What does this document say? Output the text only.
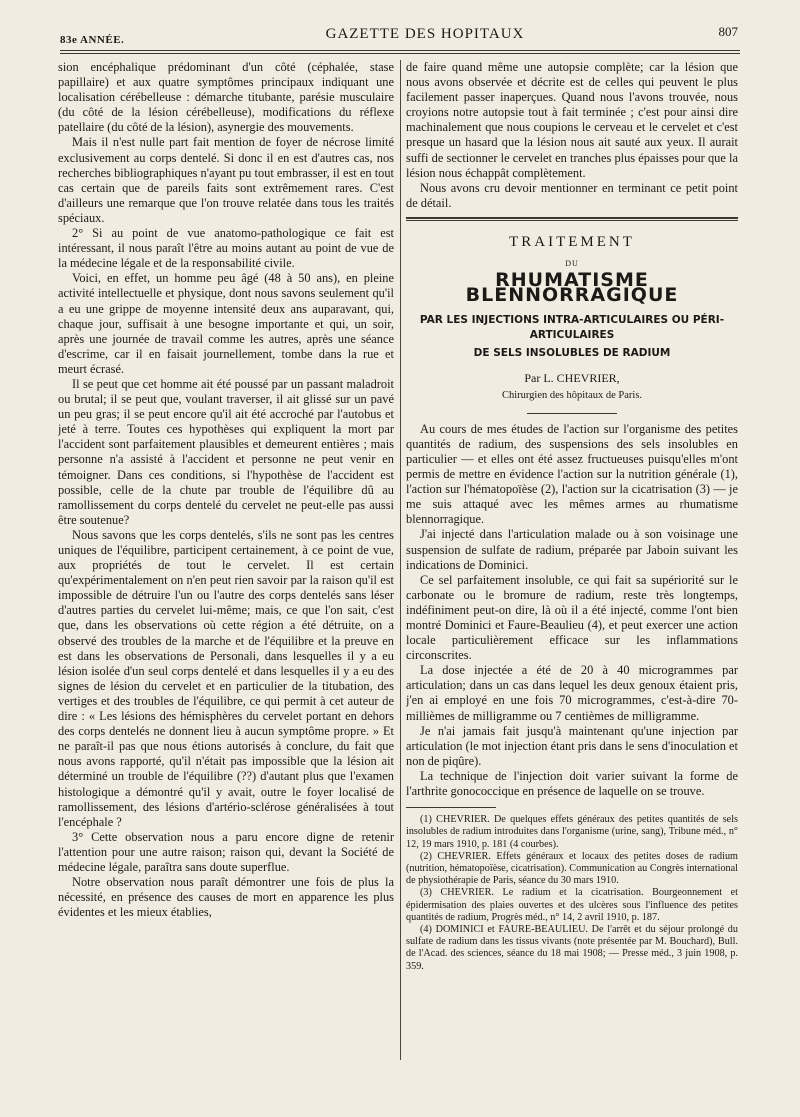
83e ANNÉE.	GAZETTE DES HOPITAUX	807

sion encéphalique prédominant d'un côté (céphalée, stase papillaire) et aux quatre symptômes principaux indiquant une localisation cérébelleuse : démarche titubante, parésie musculaire (du côté de la lésion cérébelleuse), modifications du réflexe patellaire (du côté de la lésion), asynergie des mouvements.

Mais il n'est nulle part fait mention de foyer de nécrose limité exclusivement au corps dentelé. Si donc il en est d'autres cas, nos recherches bibliographiques n'ayant pu tout embrasser, il est en tout cas certain que de pareils faits sont extrêmement rares. C'est d'ailleurs une remarque que l'on trouve relatée dans tous les traités spéciaux.

2° Si au point de vue anatomo-pathologique ce fait est intéressant, il nous paraît l'être au moins autant au point de vue de la médecine légale et de la responsabilité civile.

Voici, en effet, un homme peu âgé (48 à 50 ans), en pleine activité intellectuelle et physique, dont nous savons seulement qu'il a eu une grippe de moyenne intensité deux ans auparavant, qui, chaque jour, suffisait à une besogne importante et qui, un soir, après une journée de travail comme les autres, après une séance d'escrime, car il en faisait journellement, tombe dans la rue et meurt écrasé.

Il se peut que cet homme ait été poussé par un passant maladroit ou brutal; il se peut que, voulant traverser, il ait glissé sur un pavé un peu gras; il se peut encore qu'il ait été accroché par l'autobus et jeté à terre. Toutes ces hypothèses qui expliquent la mort par l'accident sont parfaitement plausibles et demeurent entières ; mais personne n'a assisté à l'accident et personne ne peut venir en témoigner. Dans ces conditions, si l'hypothèse de l'accident est possible, celle de la chute par trouble de l'équilibre dû au ramollissement du corps dentelé du cervelet ne peut-elle pas aussi être soutenue?

Nous savons que les corps dentelés, s'ils ne sont pas les centres uniques de l'équilibre, participent certainement, à ce point de vue, aux propriétés de tout le cervelet. Il est certain qu'expérimentalement on n'en peut rien savoir par la raison qu'il est impossible de détruire l'un ou l'autre des corps dentelés sans léser d'autres parties du cervelet lui-même; mais, ce que l'on sait, c'est que, dans les observations où cette région a été détruite, on a observé des troubles de la marche et de l'équilibre et la preuve en est dans les observations de Personali, dans lesquelles il y a eu lésion isolée d'un seul corps dentelé et dans lesquelles il y a eu des signes de lésion du cervelet et en particulier de la titubation, des vertiges et des troubles de l'équilibre, ce qui permit à cet auteur de dire : « Les lésions des hémisphères du cervelet portant en dehors des corps dentelés ne donnent lieu à aucun symptôme propre. » Et ne paraît-il pas que nous étions autorisés à conclure, du fait que nous avons rapporté, qu'il n'était pas impossible que la lésion ait déterminé un trouble de l'équilibre (??) d'autant plus que l'examen histologique a démontré qu'il y avait, outre le foyer localisé de ramollissement, des lésions d'artério-sclérose généralisées à tout l'encéphale ?

3° Cette observation nous a paru encore digne de retenir l'attention pour une autre raison; raison qui, devant la Société de médecine légale, paraîtra sans doute superflue.

Notre observation nous paraît démontrer une fois de plus la nécessité, en présence des causes de mort en apparence les plus évidentes et les mieux établies,

de faire quand même une autopsie complète; car la lésion que nous avons observée et décrite est de celles qui peuvent le plus facilement passer inaperçues. Quand nous l'avons trouvée, nous croyions notre autopsie tout à fait terminée ; c'est pour ainsi dire machinalement que nous coupions le cerveau et le cervelet et c'est presque un hasard que la lésion nous ait sauté aux yeux. Il aurait suffi de sectionner le cervelet en tranches plus épaisses pour que la lésion nous échappât complètement.

Nous avons cru devoir mentionner en terminant ce petit point de détail.

TRAITEMENT
DU
RHUMATISME BLENNORRAGIQUE
PAR LES INJECTIONS INTRA-ARTICULAIRES OU PÉRI-ARTICULAIRES
DE SELS INSOLUBLES DE RADIUM
Par L. CHEVRIER,
Chirurgien des hôpitaux de Paris.

Au cours de mes études de l'action sur l'organisme des petites quantités de radium, des suspensions des sels insolubles en particulier — et elles ont été assez fructueuses puisqu'elles m'ont permis de mettre en évidence l'action sur la nutrition générale (1), l'action sur l'hématopoïèse (2), l'action sur la cicatrisation (3) — je me suis attaqué avec les mêmes armes au rhumatisme blennorragique.

J'ai injecté dans l'articulation malade ou à son voisinage une suspension de sulfate de radium, préparée par Jaboin suivant les indications de Dominici.

Ce sel parfaitement insoluble, ce qui fait sa supériorité sur le carbonate ou le bromure de radium, reste très longtemps, indéfiniment peut-on dire, là où il a été injecté, comme l'ont bien montré Dominici et Faure-Beaulieu (4), et peut exercer une action locale particulièrement efficace sur les inflammations circonscrites.

La dose injectée a été de 20 à 40 microgrammes par articulation; dans un cas dans lequel les deux genoux étaient pris, j'en ai employé en une fois 70 microgrammes, c'est-à-dire 70-millièmes de milligramme ou 7 centièmes de milligramme.

Je n'ai jamais fait jusqu'à maintenant qu'une injection par articulation (le mot injection étant pris dans le sens d'inoculation et non de piqûre).

La technique de l'injection doit varier suivant la forme de l'arthrite gonococcique en présence de laquelle on se trouve.

(1) CHEVRIER. De quelques effets généraux des petites quantités de sels insolubles de radium introduites dans l'organisme (urine, sang), Tribune méd., n° 12, 19 mars 1910, p. 181 (4 courbes).

(2) CHEVRIER. Effets généraux et locaux des petites doses de radium (nutrition, hématopoïèse, cicatrisation). Communication au Congrès international de physiothérapie de Paris, séance du 30 mars 1910.

(3) CHEVRIER. Le radium et la cicatrisation. Bourgeonnement et épidermisation des plaies ouvertes et des ulcères sous l'influence des petites quantités de radium, Progrès méd., n° 14, 2 avril 1910, p. 187.

(4) DOMINICI et FAURE-BEAULIEU. De l'arrêt et du séjour prolongé du sulfate de radium dans les tissus vivants (note présentée par M. Bouchard), Bull. de l'Acad. des sciences, séance du 18 mai 1908; — Presse méd., 3 juin 1908, p. 359.
